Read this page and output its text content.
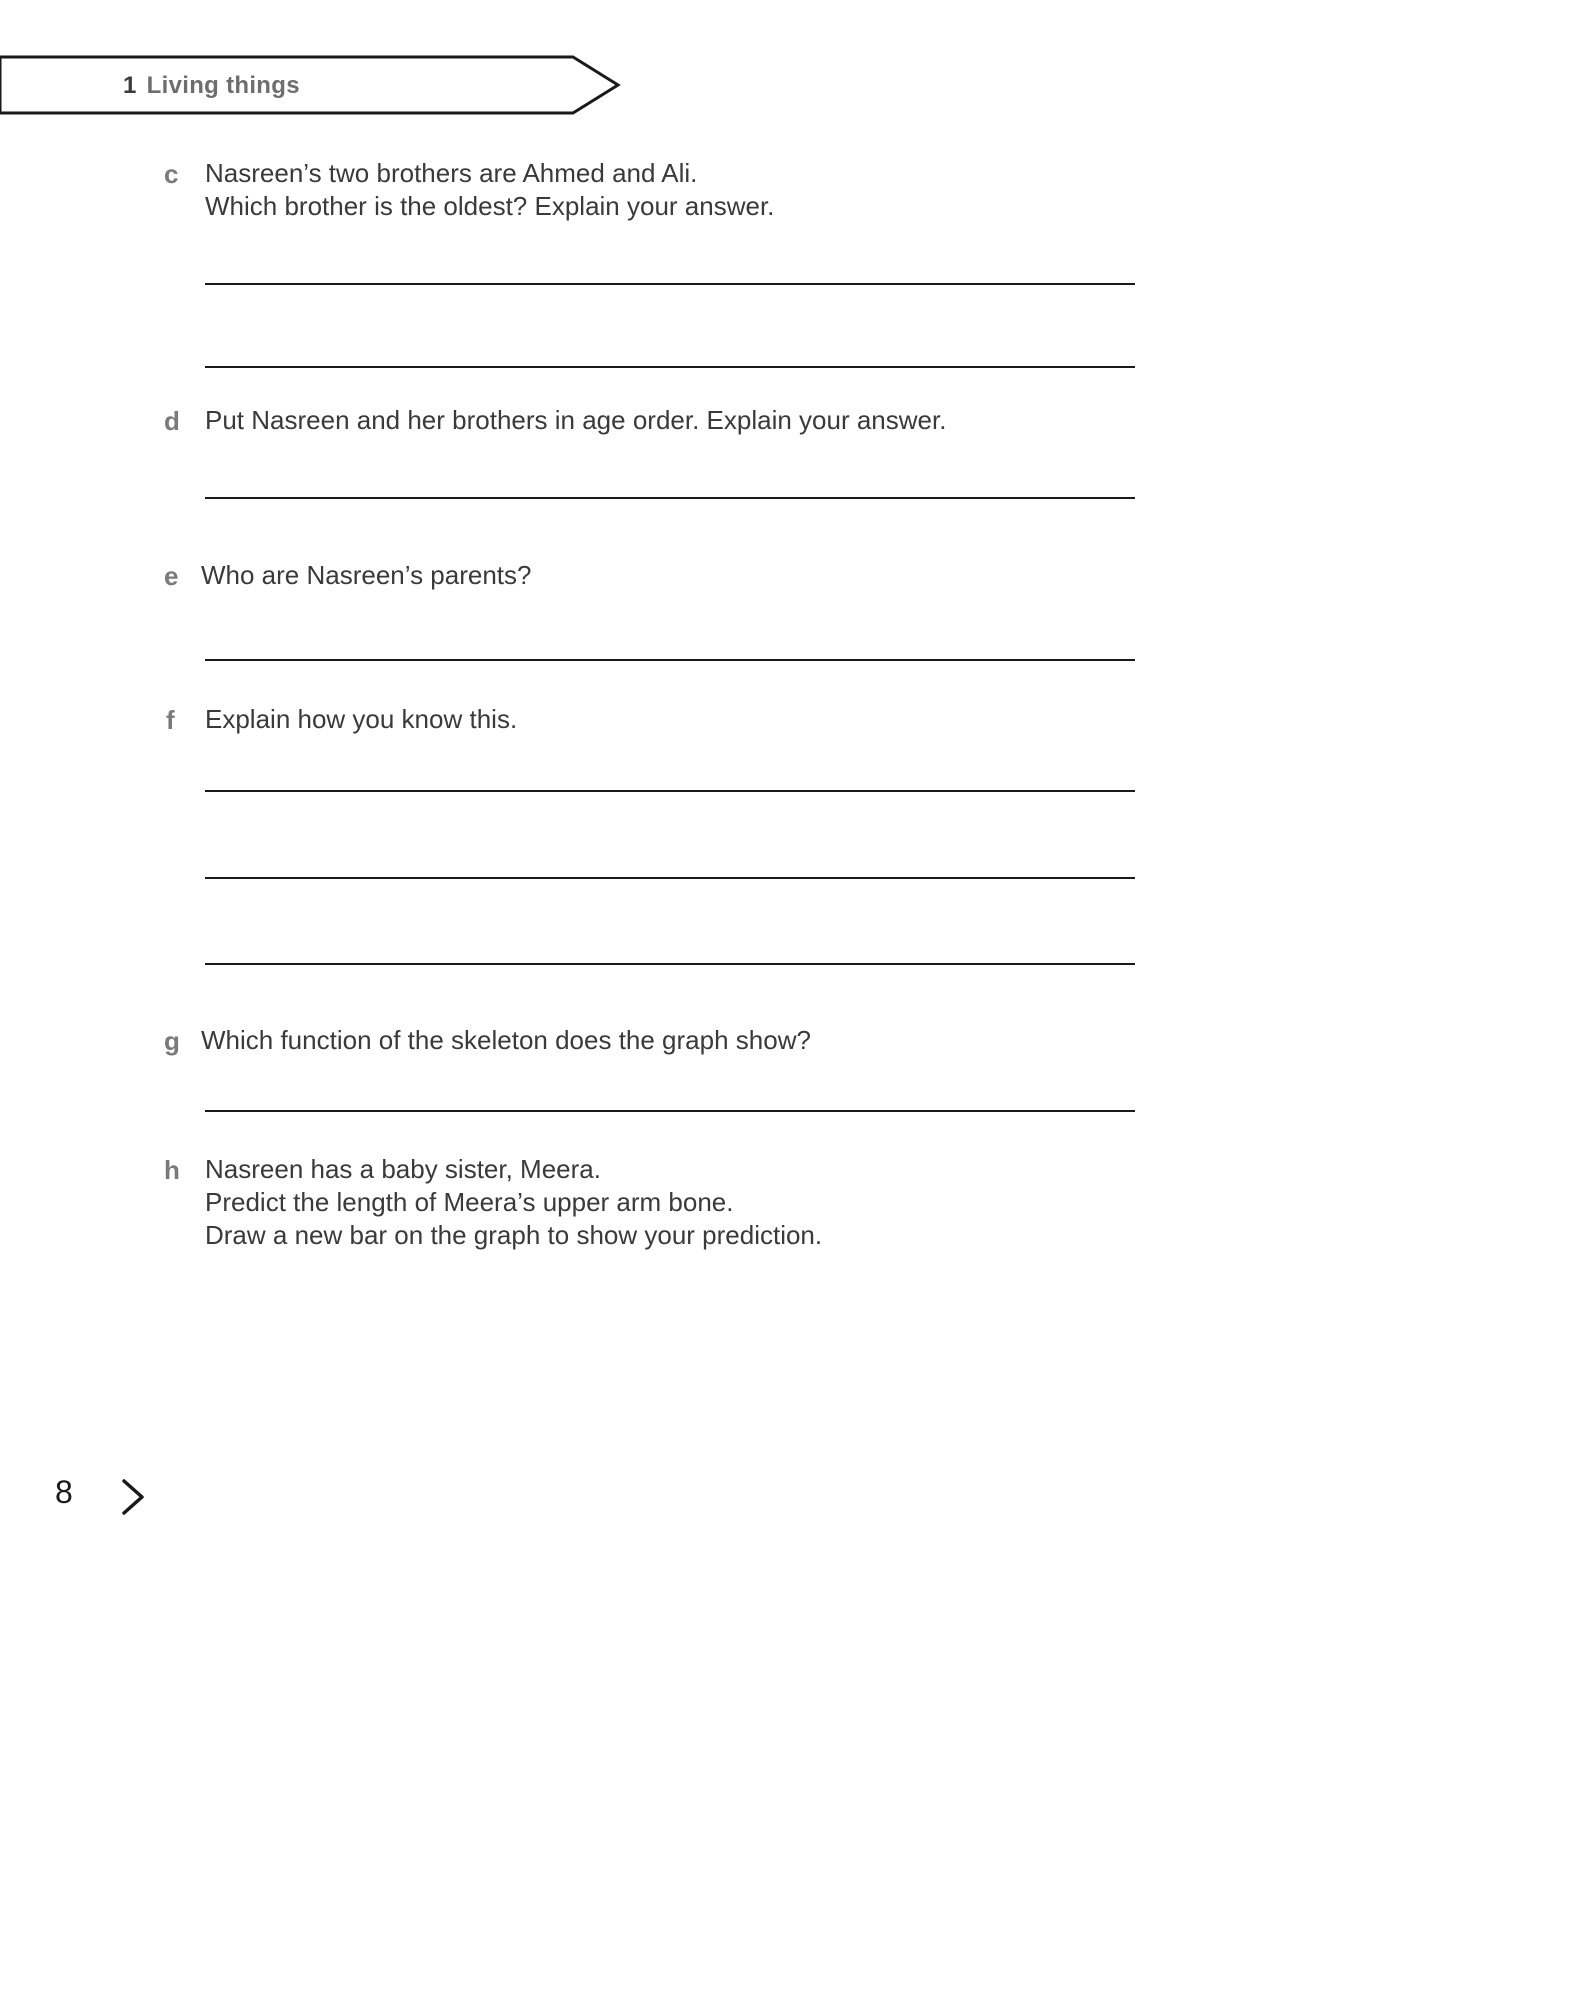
1 Living things
c Nasreen’s two brothers are Ahmed and Ali.
Which brother is the oldest? Explain your answer.
d Put Nasreen and her brothers in age order. Explain your answer.
e Who are Nasreen’s parents?
f Explain how you know this.
g Which function of the skeleton does the graph show?
h Nasreen has a baby sister, Meera.
Predict the length of Meera’s upper arm bone.
Draw a new bar on the graph to show your prediction.
8
